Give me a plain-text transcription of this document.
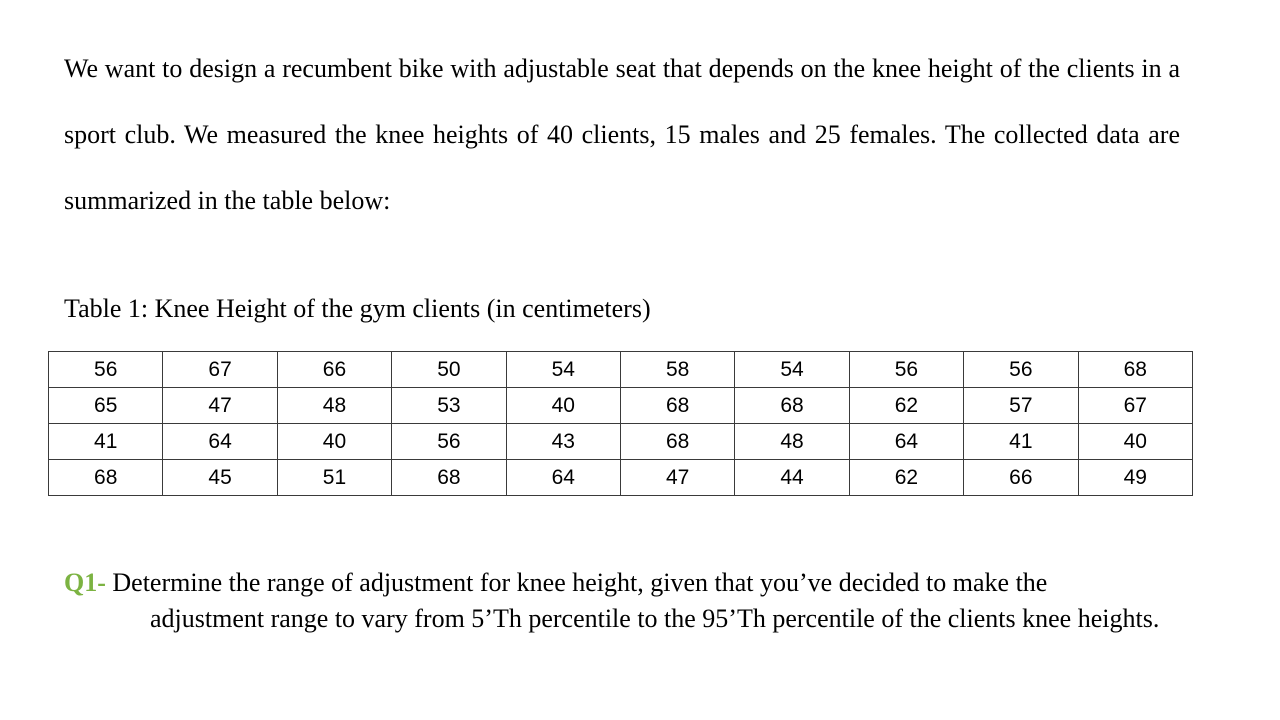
We want to design a recumbent bike with adjustable seat that depends on the knee height of the clients in a sport club. We measured the knee heights of 40 clients, 15 males and 25 females. The collected data are summarized in the table below:

Table 1: Knee Height of the gym clients (in centimeters)

56	67	66	50	54	58	54	56	56	68
65	47	48	53	40	68	68	62	57	67
41	64	40	56	43	68	48	64	41	40
68	45	51	68	64	47	44	62	66	49
Q1- Determine the range of adjustment for knee height, given that you’ve decided to make the
adjustment range to vary from 5’Th percentile to the 95’Th percentile of the clients knee heights.
